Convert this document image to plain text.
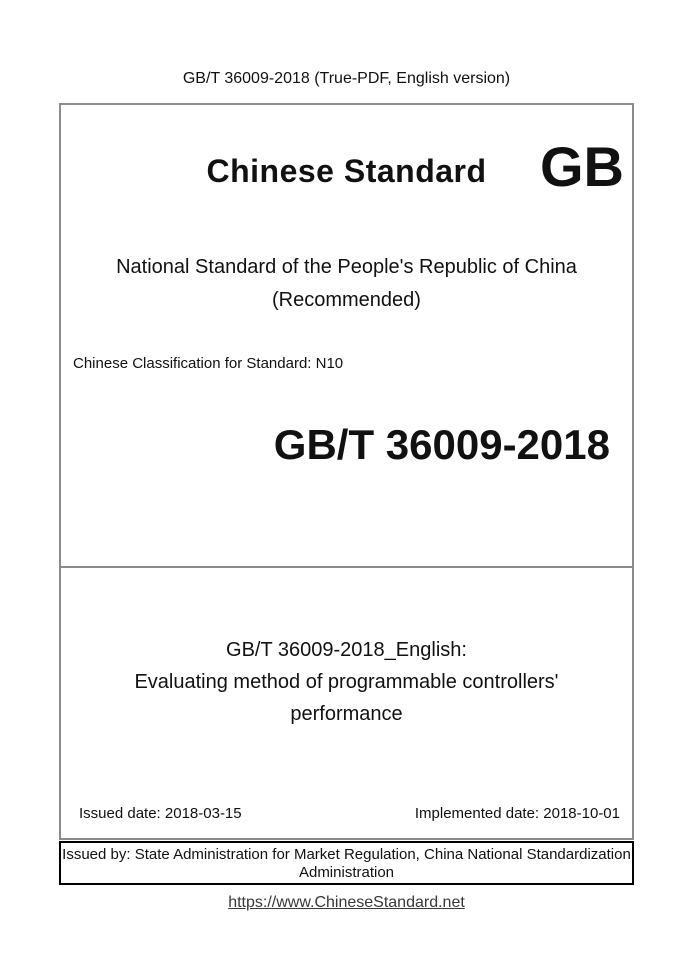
GB/T 36009-2018 (True-PDF, English version)
Chinese Standard GB
National Standard of the People's Republic of China
(Recommended)
Chinese Classification for Standard: N10
GB/T 36009-2018
GB/T 36009-2018_English:
Evaluating method of programmable controllers'
performance
Issued date: 2018-03-15	Implemented date: 2018-10-01
Issued by: State Administration for Market Regulation, China National Standardization
Administration
https://www.ChineseStandard.net
